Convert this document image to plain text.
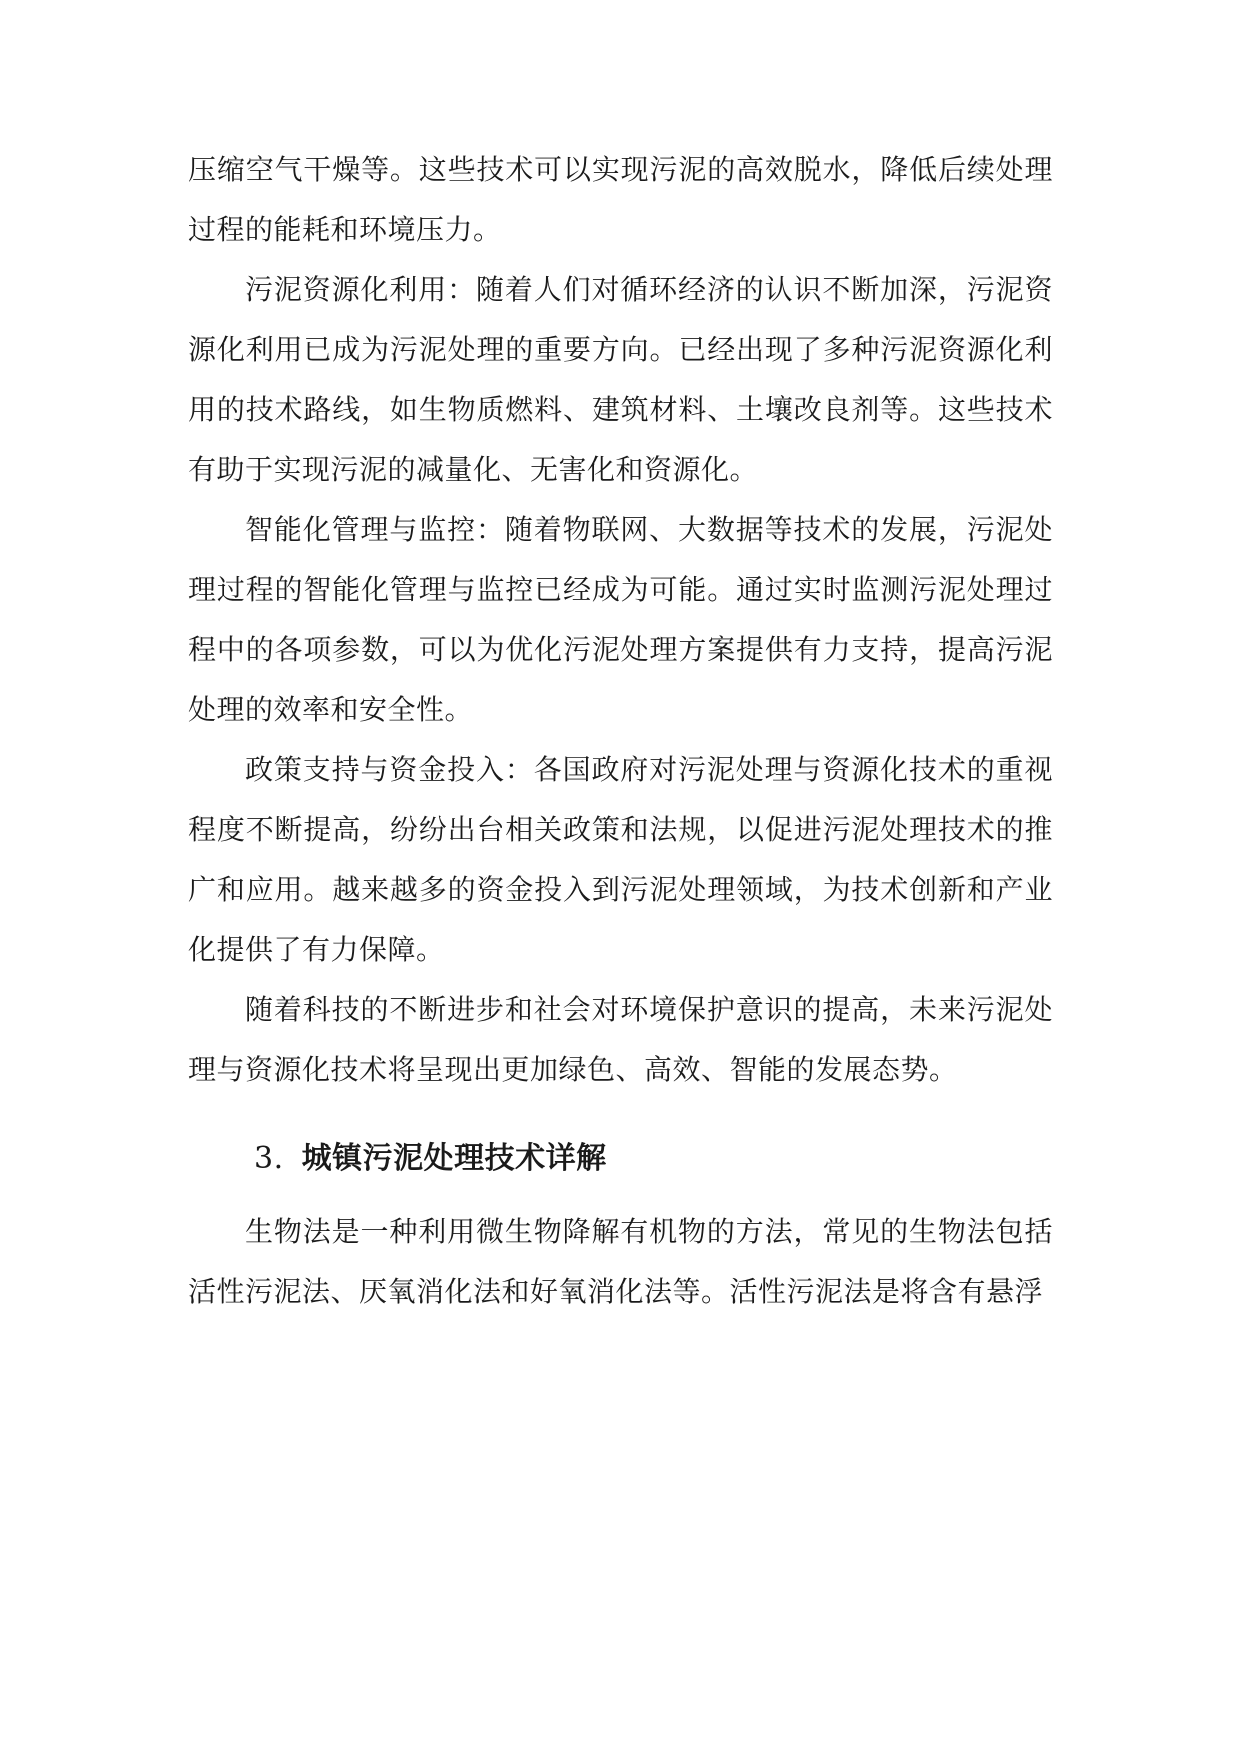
压缩空气干燥等。这些技术可以实现污泥的高效脱水，降低后续处理过程的能耗和环境压力。

污泥资源化利用：随着人们对循环经济的认识不断加深，污泥资源化利用已成为污泥处理的重要方向。已经出现了多种污泥资源化利用的技术路线，如生物质燃料、建筑材料、土壤改良剂等。这些技术有助于实现污泥的减量化、无害化和资源化。

智能化管理与监控：随着物联网、大数据等技术的发展，污泥处理过程的智能化管理与监控已经成为可能。通过实时监测污泥处理过程中的各项参数，可以为优化污泥处理方案提供有力支持，提高污泥处理的效率和安全性。

政策支持与资金投入：各国政府对污泥处理与资源化技术的重视程度不断提高，纷纷出台相关政策和法规，以促进污泥处理技术的推广和应用。越来越多的资金投入到污泥处理领域，为技术创新和产业化提供了有力保障。

随着科技的不断进步和社会对环境保护意识的提高，未来污泥处理与资源化技术将呈现出更加绿色、高效、智能的发展态势。

3. 城镇污泥处理技术详解

生物法是一种利用微生物降解有机物的方法，常见的生物法包括活性污泥法、厌氧消化法和好氧消化法等。活性污泥法是将含有悬浮
